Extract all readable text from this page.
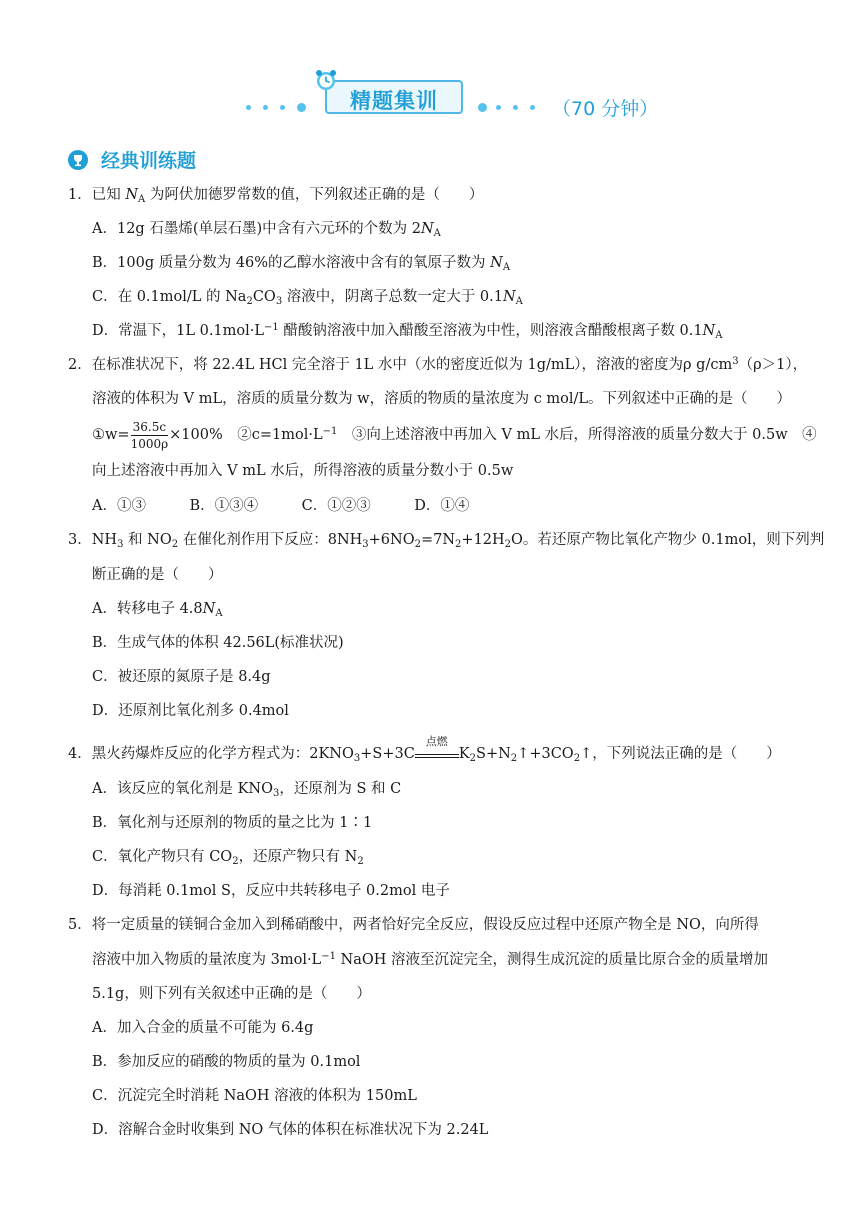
精题集训	（70 分钟）
经典训练题
1．已知 $N_A$ 为阿伏加德罗常数的值，下列叙述正确的是（　　）
A．12g 石墨烯(单层石墨)中含有六元环的个数为 $2N_A$
B．100g 质量分数为 46%的乙醇水溶液中含有的氧原子数为 $N_A$
C．在 0.1mol/L 的 $Na_2CO_3$ 溶液中，阴离子总数一定大于 $0.1N_A$
D．常温下，1L $0.1mol\cdot L^{-1}$ 醋酸钠溶液中加入醋酸至溶液为中性，则溶液含醋酸根离子数 $0.1N_A$
2．在标准状况下，将 22.4L HCl 完全溶于 1L 水中（水的密度近似为 1g/mL），溶液的密度为ρ $g/cm^3(\rho>1)$，
溶液的体积为 V mL，溶质的质量分数为 w，溶质的物质的量浓度为 c mol/L。下列叙述中正确的是（　　）
①w= $\frac{36.5c}{1000\rho} \times 100\%$　$②c=1mol\cdot L^{-1}$　③向上述溶液中再加入 V mL 水后，所得溶液的质量分数大于 0.5w　④
向上述溶液中再加入 V mL 水后，所得溶液的质量分数小于 0.5w
A．①③　　　B．①③④　　　C．①②③　　　D．①④
3．$NH_3$ 和 $NO_2$ 在催化剂作用下反应：$8NH_3+6NO_2=7N_2+12H_2O$。若还原产物比氧化产物少 0.1mol，则下列判
断正确的是（　　）
A．转移电子 $4.8N_A$
B．生成气体的体积 42.56L(标准状况)
C．被还原的氮原子是 8.4g
D．还原剂比氧化剂多 0.4mol
4．黑火药爆炸反应的化学方程式为：$2KNO_3+S+3C$
点燃
$K_2S+N_2↑+3CO_2↑$，下列说法正确的是（　　）
A．该反应的氧化剂是 $KNO_3$，还原剂为 S 和 C
B．氧化剂与还原剂的物质的量之比为 1∶1
C．氧化产物只有 $CO_2$，还原产物只有 $N_2$
D．每消耗 0.1mol S，反应中共转移电子 0.2mol 电子
5．将一定质量的镁铜合金加入到稀硝酸中，两者恰好完全反应，假设反应过程中还原产物全是 NO，向所得
溶液中加入物质的量浓度为 $3mol\cdot L^{-1}$ NaOH 溶液至沉淀完全，测得生成沉淀的质量比原合金的质量增加
5.1g，则下列有关叙述中正确的是（　　）
A．加入合金的质量不可能为 6.4g
B．参加反应的硝酸的物质的量为 0.1mol
C．沉淀完全时消耗 NaOH 溶液的体积为 150mL
D．溶解合金时收集到 NO 气体的体积在标准状况下为 2.24L
